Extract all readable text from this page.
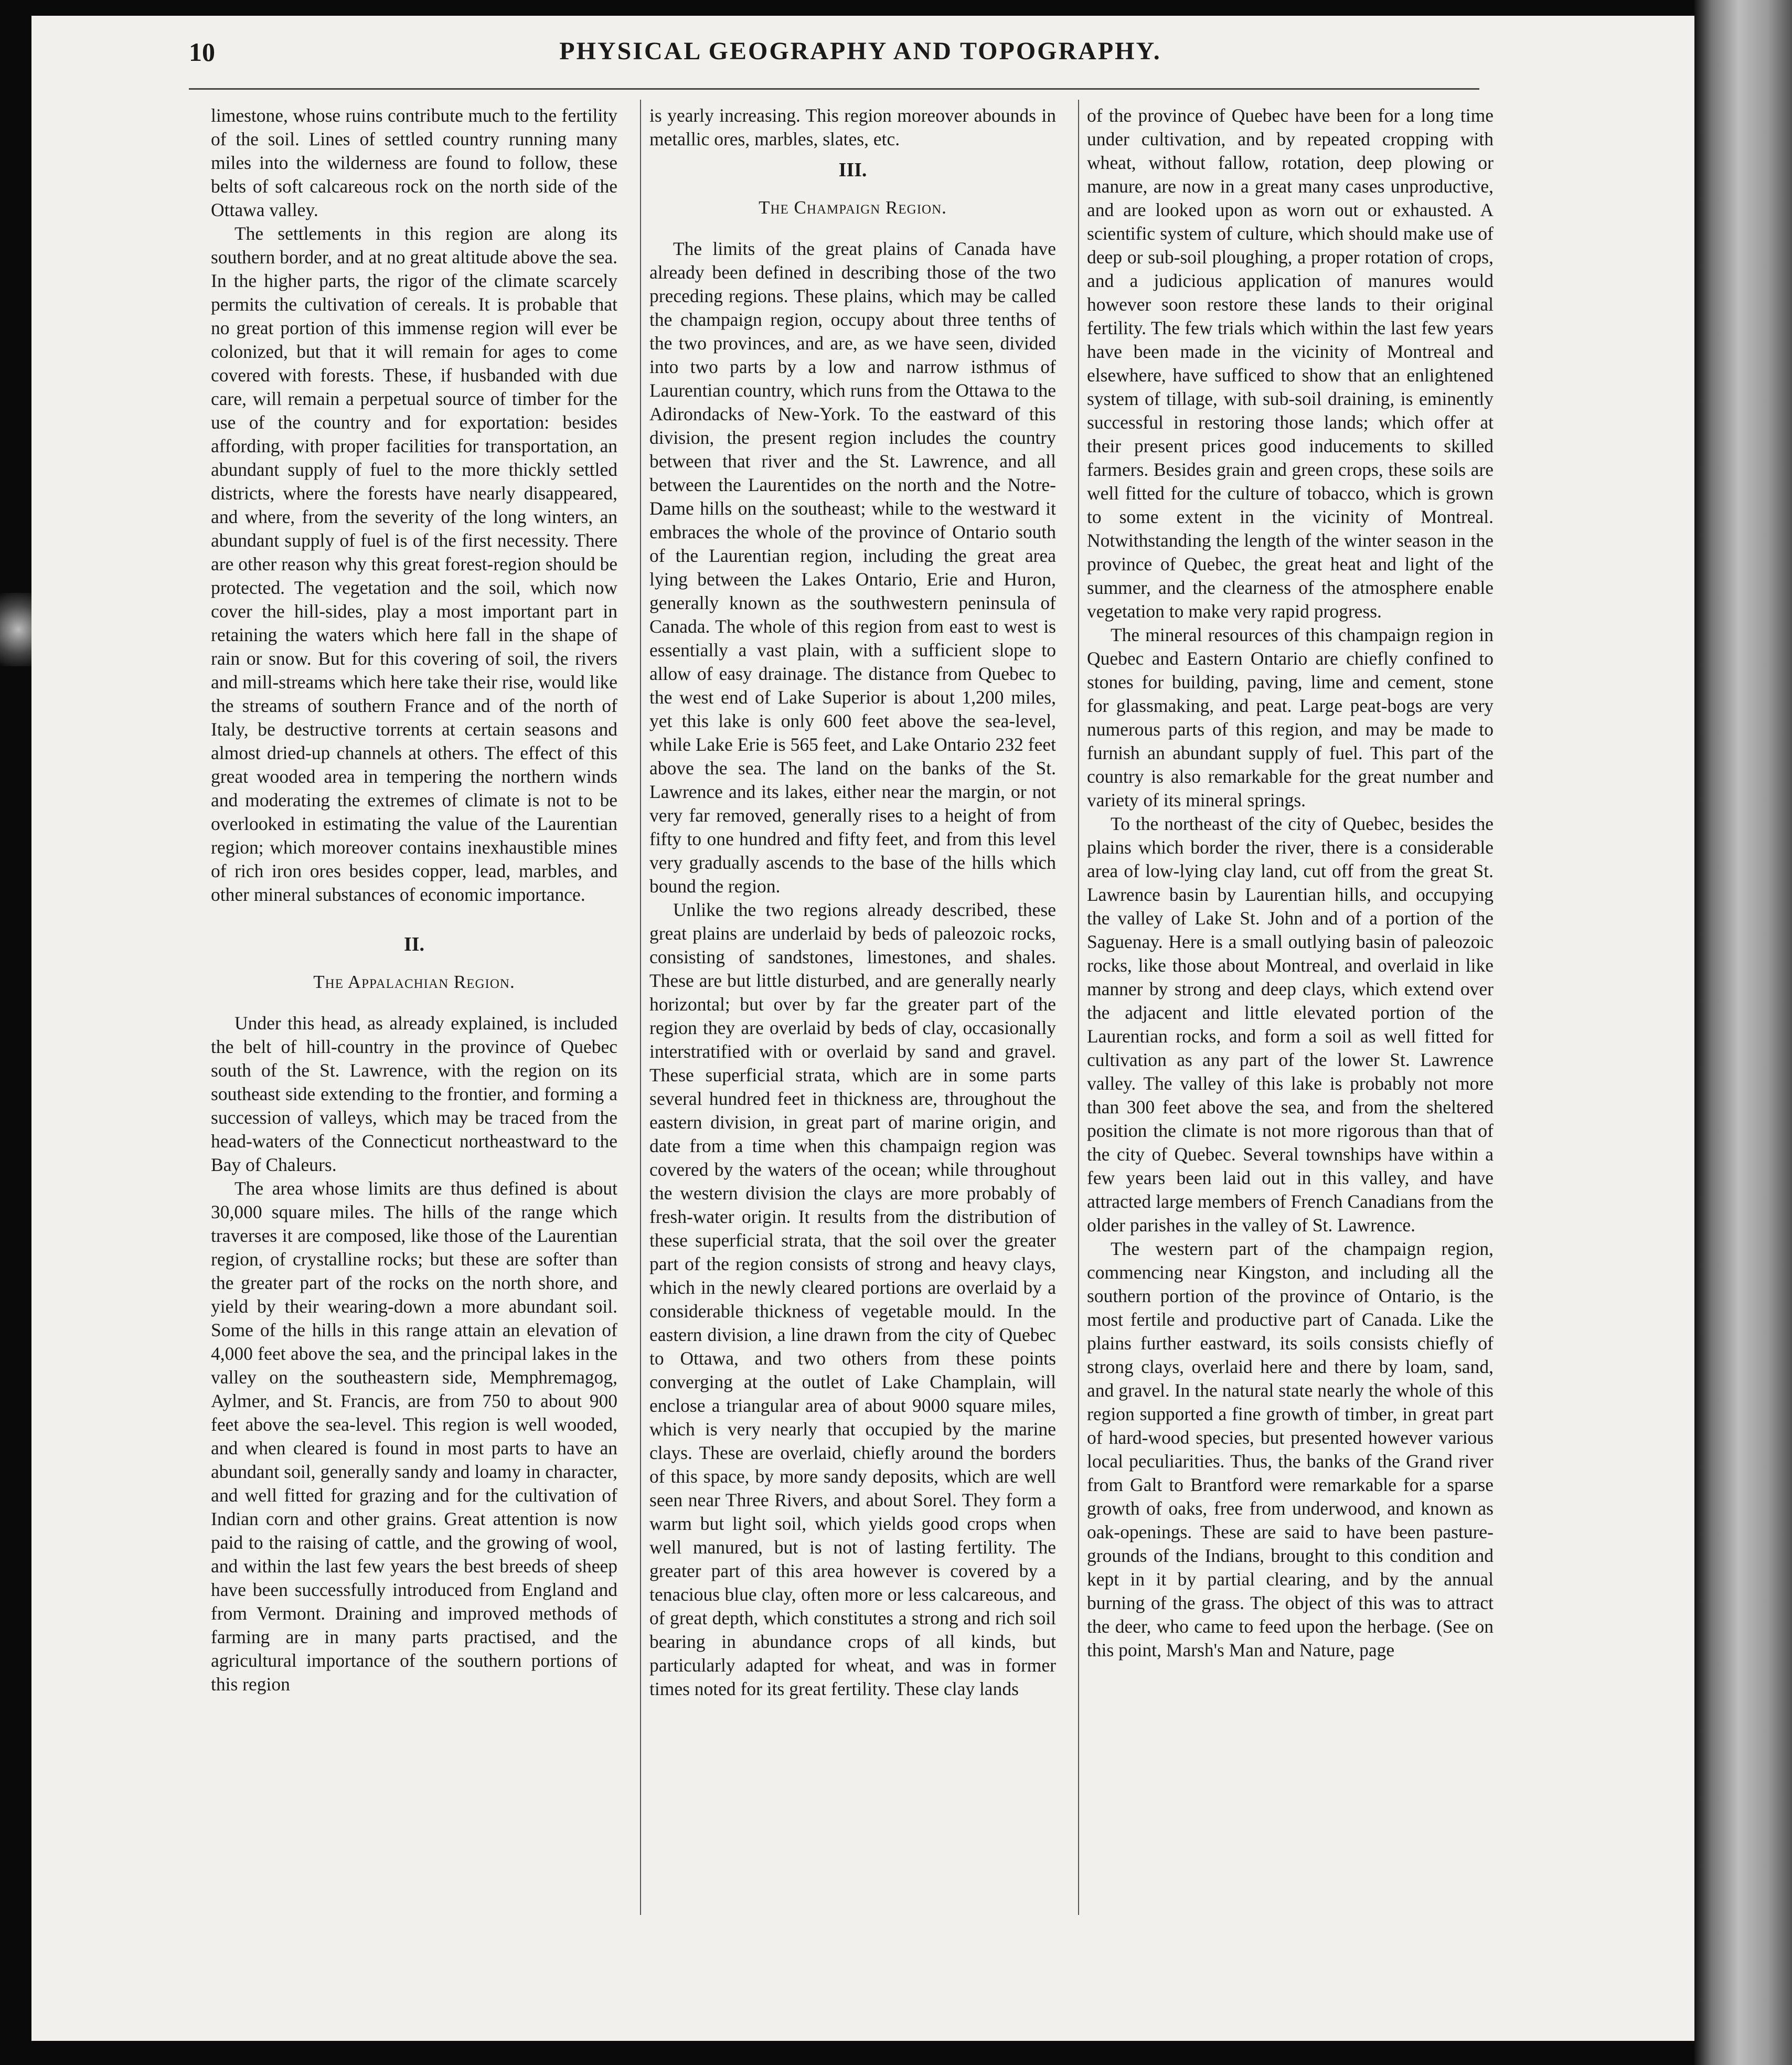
10	PHYSICAL GEOGRAPHY AND TOPOGRAPHY.

limestone, whose ruins contribute much to the fertility of the soil. Lines of settled country running many miles into the wilderness are found to follow, these belts of soft calcareous rock on the north side of the Ottawa valley.

The settlements in this region are along its southern border, and at no great altitude above the sea. In the higher parts, the rigor of the climate scarcely permits the cultivation of cereals. It is probable that no great portion of this immense region will ever be colonized, but that it will remain for ages to come covered with forests. These, if husbanded with due care, will remain a perpetual source of timber for the use of the country and for exportation: besides affording, with proper facilities for transportation, an abundant supply of fuel to the more thickly settled districts, where the forests have nearly disappeared, and where, from the severity of the long winters, an abundant supply of fuel is of the first necessity. There are other reason why this great forest-region should be protected. The vegetation and the soil, which now cover the hill-sides, play a most important part in retaining the waters which here fall in the shape of rain or snow. But for this covering of soil, the rivers and mill-streams which here take their rise, would like the streams of southern France and of the north of Italy, be destructive torrents at certain seasons and almost dried-up channels at others. The effect of this great wooded area in tempering the northern winds and moderating the extremes of climate is not to be overlooked in estimating the value of the Laurentian region; which moreover contains inexhaustible mines of rich iron ores besides copper, lead, marbles, and other mineral substances of economic importance.

II.
The Appalachian Region.

Under this head, as already explained, is included the belt of hill-country in the province of Quebec south of the St. Lawrence, with the region on its southeast side extending to the frontier, and forming a succession of valleys, which may be traced from the head-waters of the Connecticut northeastward to the Bay of Chaleurs.

The area whose limits are thus defined is about 30,000 square miles. The hills of the range which traverses it are composed, like those of the Laurentian region, of crystalline rocks; but these are softer than the greater part of the rocks on the north shore, and yield by their wearing-down a more abundant soil. Some of the hills in this range attain an elevation of 4,000 feet above the sea, and the principal lakes in the valley on the southeastern side, Memphremagog, Aylmer, and St. Francis, are from 750 to about 900 feet above the sea-level. This region is well wooded, and when cleared is found in most parts to have an abundant soil, generally sandy and loamy in character, and well fitted for grazing and for the cultivation of Indian corn and other grains. Great attention is now paid to the raising of cattle, and the growing of wool, and within the last few years the best breeds of sheep have been successfully introduced from England and from Vermont. Draining and improved methods of farming are in many parts practised, and the agricultural importance of the southern portions of this region

is yearly increasing. This region moreover abounds in metallic ores, marbles, slates, etc.

III.
The Champaign Region.

The limits of the great plains of Canada have already been defined in describing those of the two preceding regions. These plains, which may be called the champaign region, occupy about three tenths of the two provinces, and are, as we have seen, divided into two parts by a low and narrow isthmus of Laurentian country, which runs from the Ottawa to the Adirondacks of New-York. To the eastward of this division, the present region includes the country between that river and the St. Lawrence, and all between the Laurentides on the north and the Notre-Dame hills on the southeast; while to the westward it embraces the whole of the province of Ontario south of the Laurentian region, including the great area lying between the Lakes Ontario, Erie and Huron, generally known as the southwestern peninsula of Canada. The whole of this region from east to west is essentially a vast plain, with a sufficient slope to allow of easy drainage. The distance from Quebec to the west end of Lake Superior is about 1,200 miles, yet this lake is only 600 feet above the sea-level, while Lake Erie is 565 feet, and Lake Ontario 232 feet above the sea. The land on the banks of the St. Lawrence and its lakes, either near the margin, or not very far removed, generally rises to a height of from fifty to one hundred and fifty feet, and from this level very gradually ascends to the base of the hills which bound the region.

Unlike the two regions already described, these great plains are underlaid by beds of paleozoic rocks, consisting of sandstones, limestones, and shales. These are but little disturbed, and are generally nearly horizontal; but over by far the greater part of the region they are overlaid by beds of clay, occasionally interstratified with or overlaid by sand and gravel. These superficial strata, which are in some parts several hundred feet in thickness are, throughout the eastern division, in great part of marine origin, and date from a time when this champaign region was covered by the waters of the ocean; while throughout the western division the clays are more probably of fresh-water origin. It results from the distribution of these superficial strata, that the soil over the greater part of the region consists of strong and heavy clays, which in the newly cleared portions are overlaid by a considerable thickness of vegetable mould. In the eastern division, a line drawn from the city of Quebec to Ottawa, and two others from these points converging at the outlet of Lake Champlain, will enclose a triangular area of about 9000 square miles, which is very nearly that occupied by the marine clays. These are overlaid, chiefly around the borders of this space, by more sandy deposits, which are well seen near Three Rivers, and about Sorel. They form a warm but light soil, which yields good crops when well manured, but is not of lasting fertility. The greater part of this area however is covered by a tenacious blue clay, often more or less calcareous, and of great depth, which constitutes a strong and rich soil bearing in abundance crops of all kinds, but particularly adapted for wheat, and was in former times noted for its great fertility. These clay lands

of the province of Quebec have been for a long time under cultivation, and by repeated cropping with wheat, without fallow, rotation, deep plowing or manure, are now in a great many cases unproductive, and are looked upon as worn out or exhausted. A scientific system of culture, which should make use of deep or sub-soil ploughing, a proper rotation of crops, and a judicious application of manures would however soon restore these lands to their original fertility. The few trials which within the last few years have been made in the vicinity of Montreal and elsewhere, have sufficed to show that an enlightened system of tillage, with sub-soil draining, is eminently successful in restoring those lands; which offer at their present prices good inducements to skilled farmers. Besides grain and green crops, these soils are well fitted for the culture of tobacco, which is grown to some extent in the vicinity of Montreal. Notwithstanding the length of the winter season in the province of Quebec, the great heat and light of the summer, and the clearness of the atmosphere enable vegetation to make very rapid progress.

The mineral resources of this champaign region in Quebec and Eastern Ontario are chiefly confined to stones for building, paving, lime and cement, stone for glassmaking, and peat. Large peat-bogs are very numerous parts of this region, and may be made to furnish an abundant supply of fuel. This part of the country is also remarkable for the great number and variety of its mineral springs.

To the northeast of the city of Quebec, besides the plains which border the river, there is a considerable area of low-lying clay land, cut off from the great St. Lawrence basin by Laurentian hills, and occupying the valley of Lake St. John and of a portion of the Saguenay. Here is a small outlying basin of paleozoic rocks, like those about Montreal, and overlaid in like manner by strong and deep clays, which extend over the adjacent and little elevated portion of the Laurentian rocks, and form a soil as well fitted for cultivation as any part of the lower St. Lawrence valley. The valley of this lake is probably not more than 300 feet above the sea, and from the sheltered position the climate is not more rigorous than that of the city of Quebec. Several townships have within a few years been laid out in this valley, and have attracted large members of French Canadians from the older parishes in the valley of St. Lawrence.

The western part of the champaign region, commencing near Kingston, and including all the southern portion of the province of Ontario, is the most fertile and productive part of Canada. Like the plains further eastward, its soils consists chiefly of strong clays, overlaid here and there by loam, sand, and gravel. In the natural state nearly the whole of this region supported a fine growth of timber, in great part of hard-wood species, but presented however various local peculiarities. Thus, the banks of the Grand river from Galt to Brantford were remarkable for a sparse growth of oaks, free from underwood, and known as oak-openings. These are said to have been pasture-grounds of the Indians, brought to this condition and kept in it by partial clearing, and by the annual burning of the grass. The object of this was to attract the deer, who came to feed upon the herbage. (See on this point, Marsh's Man and Nature, page
